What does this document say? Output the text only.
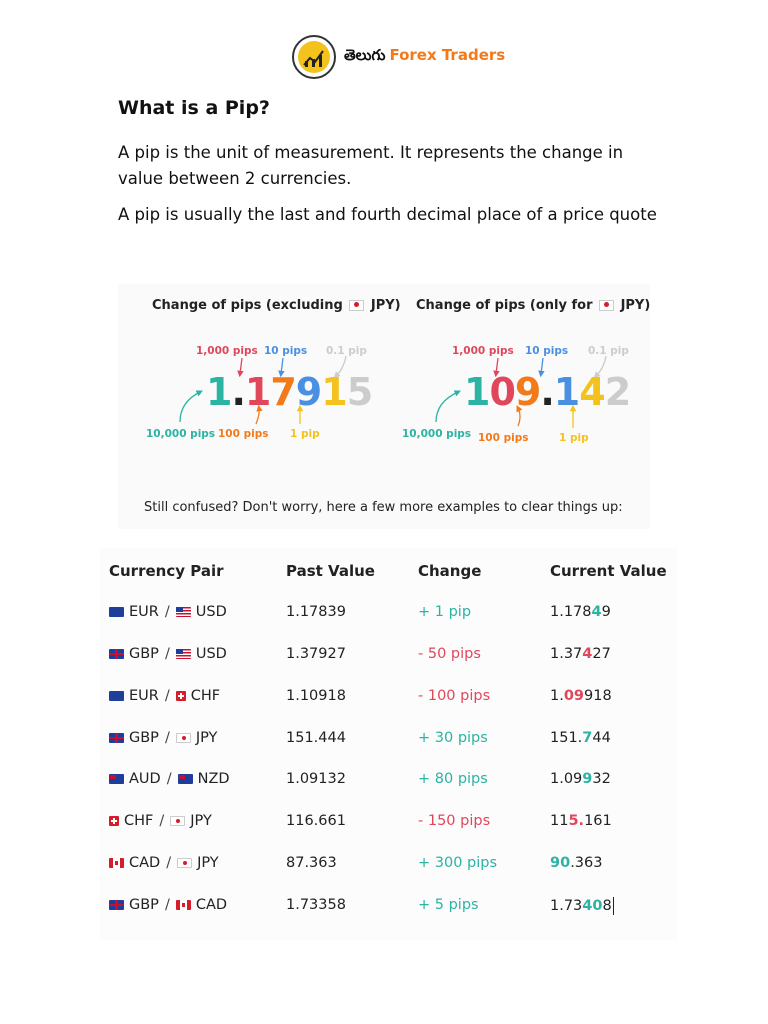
తెలుగు Forex Traders
What is a Pip?

A pip is the unit of measurement. It represents the change in value between 2 currencies.

A pip is usually the last and fourth decimal place of a price quote

Change of pips (excluding JPY) Change of pips (only for JPY)
1.17915 109.142
1,000 pips 10 pips 0.1 pip
10,000 pips 100 pips 1 pip
1,000 pips 10 pips 0.1 pip
10,000 pips 100 pips	1 pip
Still confused? Don't worry, here a few more examples to clear things up:
Currency Pair	Past Value	Change	Current Value
EUR / USD	1.17839	+ 1 pip	1.17849
GBP / USD	1.37927	- 50 pips	1.37427
EUR / CHF	1.10918	- 100 pips	1.09918
GBP / JPY	151.444	+ 30 pips	151.744
AUD / NZD	1.09132	+ 80 pips	1.09932
CHF / JPY	116.661	- 150 pips	115.161
CAD / JPY	87.363	+ 300 pips	90.363
GBP / CAD	1.73358	+ 5 pips	1.73408
